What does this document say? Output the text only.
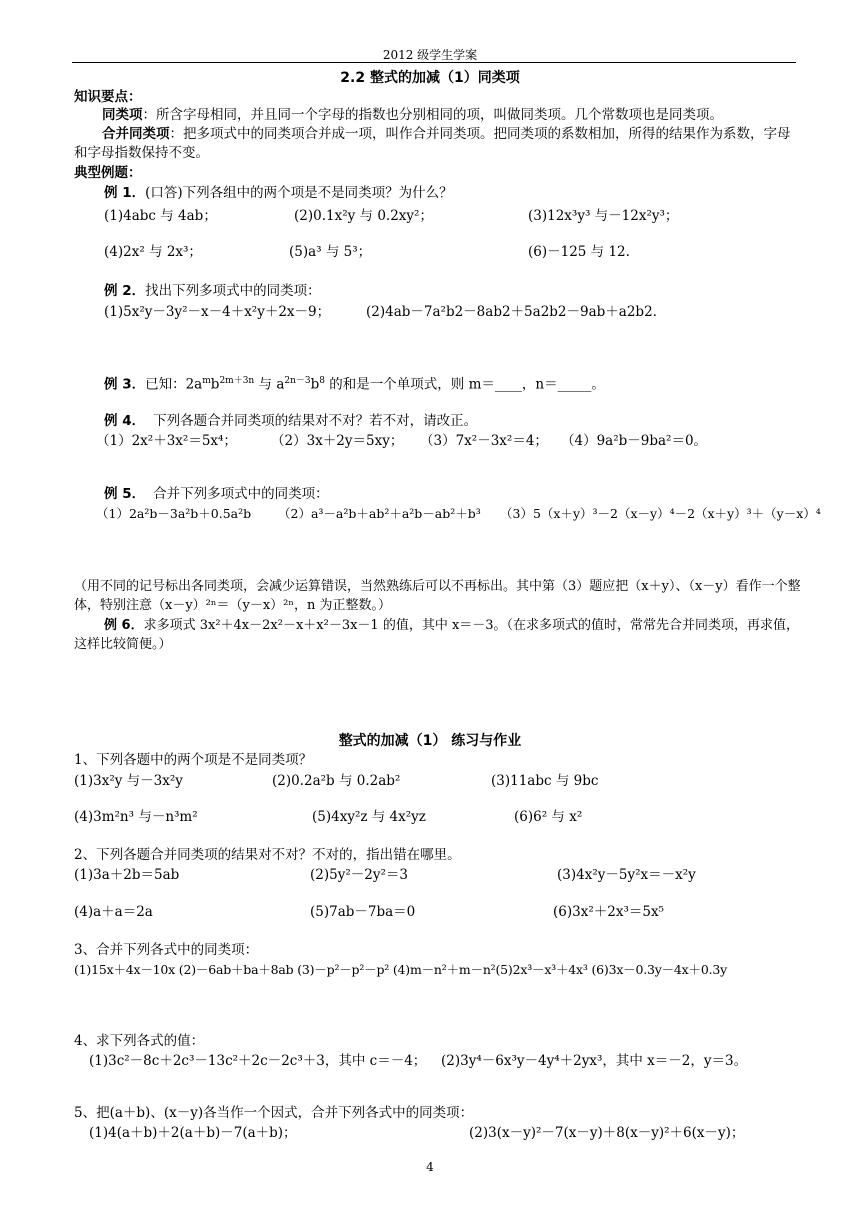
2012 级学生学案
2.2 整式的加减（1）同类项
知识要点：
同类项：所含字母相同，并且同一个字母的指数也分别相同的项，叫做同类项。几个常数项也是同类项。
合并同类项：把多项式中的同类项合并成一项，叫作合并同类项。把同类项的系数相加，所得的结果作为系数，字母和字母指数保持不变。
典型例题：
例 1．(口答)下列各组中的两个项是不是同类项？为什么？
(1)4abc 与 4ab；	(2)0.1x²y 与 0.2xy²；	(3)12x³y³ 与－12x²y³；
(4)2x² 与 2x³；	(5)a³ 与 5³；	(6)－125 与 12.
例 2．找出下列多项式中的同类项：
(1)5x²y－3y²－x－4＋x²y＋2x－9；	(2)4ab－7a²b2－8ab2＋5a2b2－9ab＋a2b2.
例 3．已知：$2a^mb^{2m+3n}$ 与 $a^{2n-3}b^8$ 的和是一个单项式，则 m＝____，n＝_____。
例 4． 下列各题合并同类项的结果对不对？若不对，请改正。
（1）2x²＋3x²＝5x⁴；	（2）3x＋2y＝5xy； （3）7x²－3x²＝4； （4）9a²b－9ba²＝0。
例 5． 合并下列多项式中的同类项：
（1）2a²b－3a²b＋0.5a²b （2）a³－a²b＋ab²＋a²b－ab²＋b³ （3）5（x＋y）³－2（x－y）⁴－2（x＋y）³＋（y－x）⁴
（用不同的记号标出各同类项，会减少运算错误，当然熟练后可以不再标出。其中第（3）题应把（x＋y）、（x－y）看作一个整体，特别注意（x－y）²ⁿ＝（y－x）²ⁿ，n 为正整数。）
例 6．求多项式 3x²＋4x－2x²－x＋x²－3x－1 的值，其中 x＝－3。（在求多项式的值时，常常先合并同类项，再求值，这样比较简便。）
整式的加减（1） 练习与作业
1、下列各题中的两个项是不是同类项？
(1)3x²y 与－3x²y	(2)0.2a²b 与 0.2ab²	(3)11abc 与 9bc
(4)3m²n³ 与－n³m²	(5)4xy²z 与 4x²yz	(6)6² 与 x²
2、下列各题合并同类项的结果对不对？不对的，指出错在哪里。
(1)3a＋2b＝5ab	(2)5y²－2y²＝3	(3)4x²y－5y²x＝－x²y
(4)a＋a＝2a	(5)7ab－7ba＝0	(6)3x²＋2x³＝5x⁵
3、合并下列各式中的同类项：
(1)15x＋4x－10x (2)－6ab＋ba＋8ab (3)－p²－p²－p² (4)m－n²＋m－n²(5)2x³－x³＋4x³ (6)3x－0.3y－4x＋0.3y
4、求下列各式的值：
(1)3c²－8c＋2c³－13c²＋2c－2c³＋3，其中 c＝－4； (2)3y⁴－6x³y－4y⁴＋2yx³，其中 x＝－2，y＝3。
5、把(a＋b)、(x－y)各当作一个因式，合并下列各式中的同类项：
(1)4(a＋b)＋2(a＋b)－7(a＋b)；	(2)3(x－y)²－7(x－y)＋8(x－y)²＋6(x－y)；
4
